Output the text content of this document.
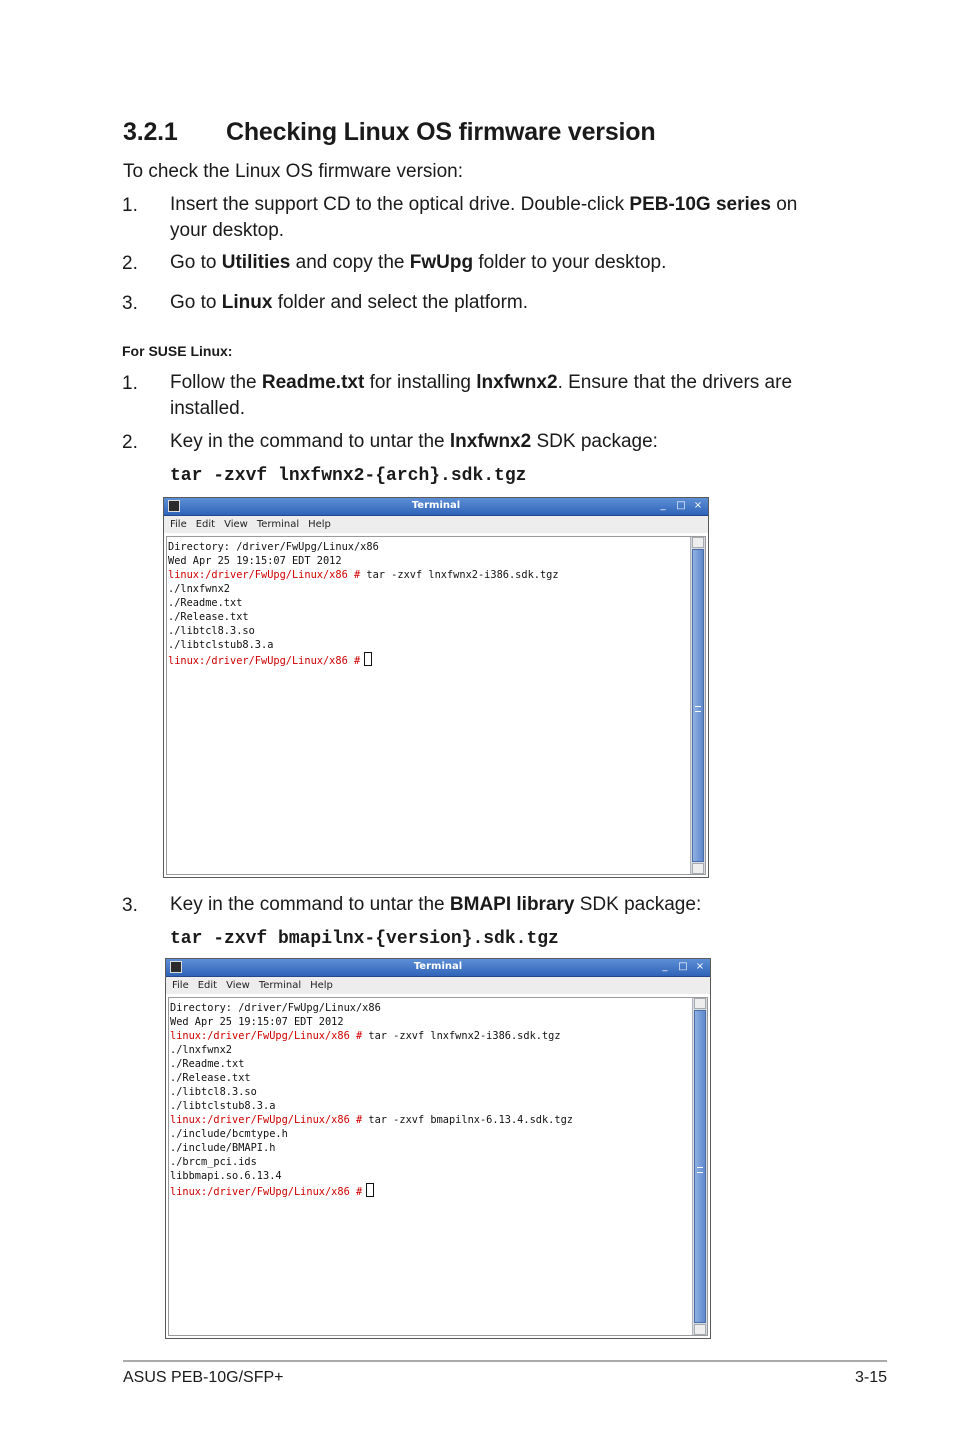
3.2.1 Checking Linux OS firmware version
To check the Linux OS firmware version:
1. Insert the support CD to the optical drive. Double-click PEB-10G series on your desktop.
2. Go to Utilities and copy the FwUpg folder to your desktop.
3. Go to Linux folder and select the platform.
For SUSE Linux:
1. Follow the Readme.txt for installing lnxfwnx2. Ensure that the drivers are installed.
2. Key in the command to untar the lnxfwnx2 SDK package:
tar -zxvf lnxfwnx2-{arch}.sdk.tgz
Terminal	_	□ ×
File Edit View Terminal Help
Directory: /driver/FwUpg/Linux/x86
Wed Apr 25 19:15:07 EDT 2012
linux:/driver/FwUpg/Linux/x86 # tar -zxvf lnxfwnx2-i386.sdk.tgz
./lnxfwnx2
./Readme.txt
./Release.txt
./libtcl8.3.so
./libtclstub8.3.a
linux:/driver/FwUpg/Linux/x86 #
3. Key in the command to untar the BMAPI library SDK package:
tar -zxvf bmapilnx-{version}.sdk.tgz
Terminal	_	□ ×
File Edit View Terminal Help
Directory: /driver/FwUpg/Linux/x86
Wed Apr 25 19:15:07 EDT 2012
linux:/driver/FwUpg/Linux/x86 # tar -zxvf lnxfwnx2-i386.sdk.tgz
./lnxfwnx2
./Readme.txt
./Release.txt
./libtcl8.3.so
./libtclstub8.3.a
linux:/driver/FwUpg/Linux/x86 # tar -zxvf bmapilnx-6.13.4.sdk.tgz
./include/bcmtype.h
./include/BMAPI.h
./brcm_pci.ids
libbmapi.so.6.13.4
linux:/driver/FwUpg/Linux/x86 #
ASUS PEB-10G/SFP+	3-15
